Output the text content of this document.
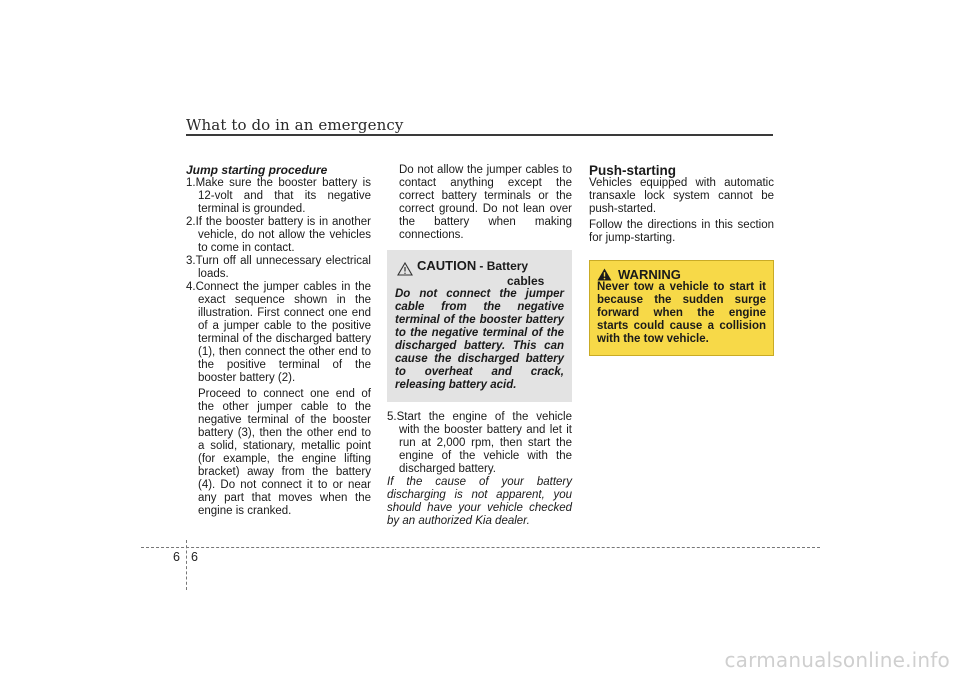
What to do in an emergency

Jump starting procedure

1.Make sure the booster battery is 12-volt and that its negative terminal is grounded.

2.If the booster battery is in another vehicle, do not allow the vehicles to come in contact.

3.Turn off all unnecessary electrical loads.

4.Connect the jumper cables in the exact sequence shown in the illustration. First connect one end of a jumper cable to the positive terminal of the discharged battery (1), then connect the other end to the positive terminal of the booster battery (2).

Proceed to connect one end of the other jumper cable to the negative terminal of the booster battery (3), then the other end to a solid, stationary, metallic point (for example, the engine lifting bracket) away from the battery (4). Do not connect it to or near any part that moves when the engine is cranked.

Do not allow the jumper cables to contact anything except the correct battery terminals or the correct ground. Do not lean over the battery when making connections.

CAUTION - Battery
cables

Do not connect the jumper cable from the negative terminal of the booster battery to the negative terminal of the discharged battery. This can cause the discharged battery to overheat and crack, releasing battery acid.

5.Start the engine of the vehicle with the booster battery and let it run at 2,000 rpm, then start the engine of the vehicle with the discharged battery.

If the cause of your battery discharging is not apparent, you should have your vehicle checked by an authorized Kia dealer.

Push-starting

Vehicles equipped with automatic transaxle lock system cannot be push-started.

Follow the directions in this section for jump-starting.

WARNING

Never tow a vehicle to start it because the sudden surge forward when the engine starts could cause a collision with the tow vehicle.

6 6
carmanualsonline.info
